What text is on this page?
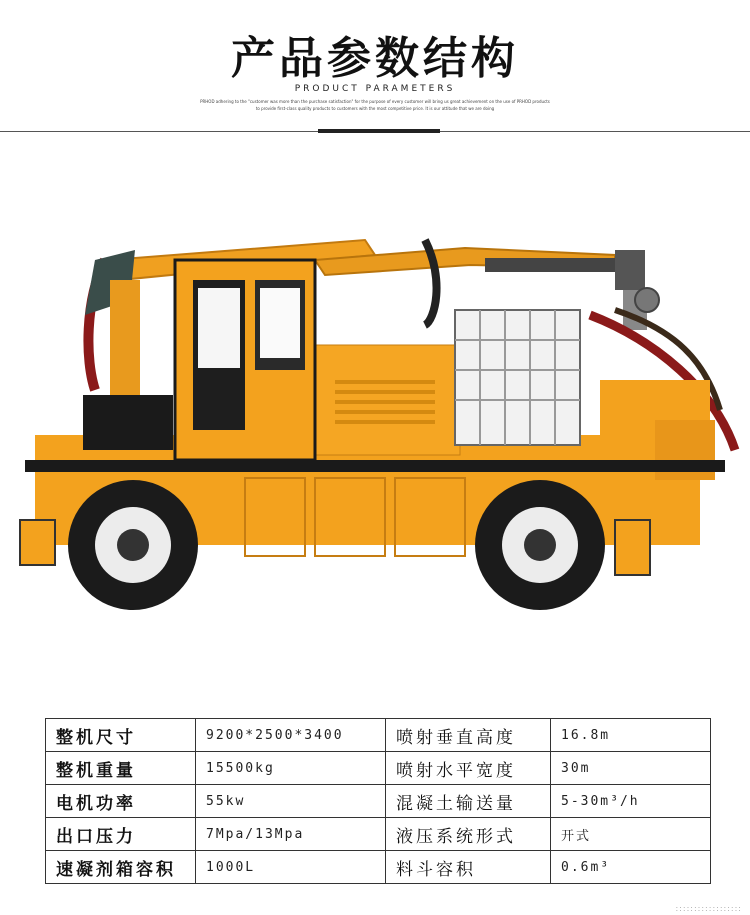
产品参数结构
PRODUCT PARAMETERS
PRHOD adhering to the "customer was more than the purchase satisfaction" for the purpose of every customer will bring us great achievement on the use of PRHOD products to provide first-class quality products to customers with the most competitive price. It is our attitude that we are doing
整机尺寸	9200*2500*3400	喷射垂直高度	16.8m
整机重量	15500kg	喷射水平宽度	30m
电机功率	55kw	混凝土输送量	5-30m³/h
出口压力	7Mpa/13Mpa	液压系统形式	开式
速凝剂箱容积	1000L	料斗容积	0.6m³
::::::::::::::::::
